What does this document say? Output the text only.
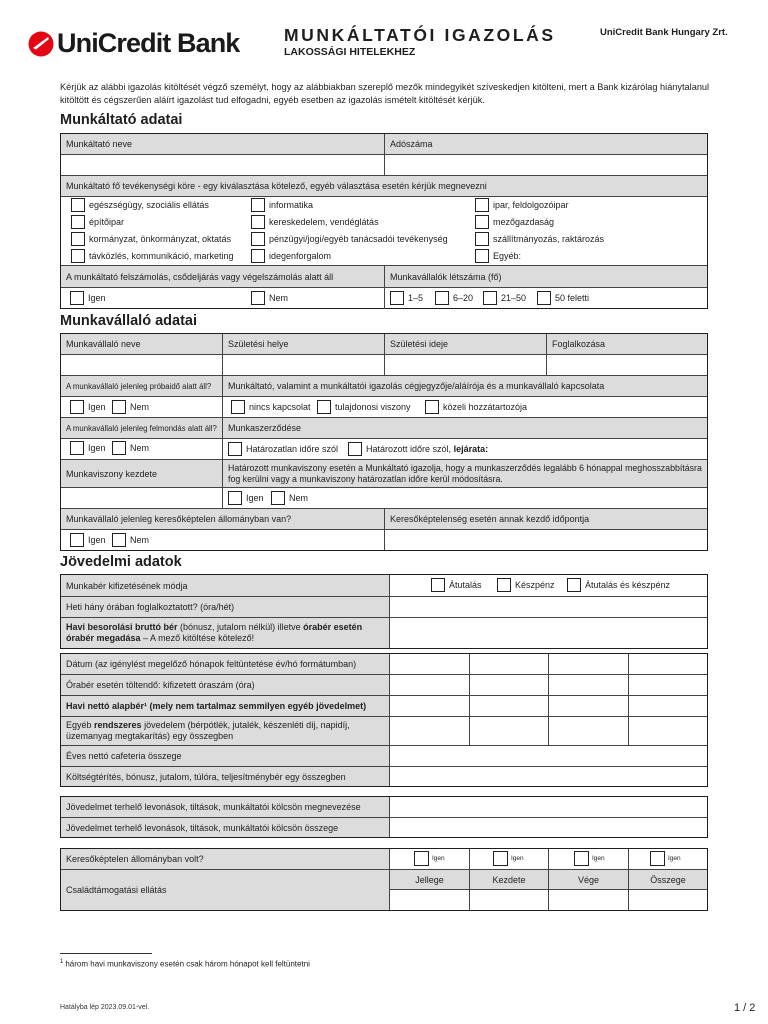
UniCredit Bank	MUNKÁLTATÓI IGAZOLÁS
LAKOSSÁGI HITELEKHEZ
UniCredit Bank Hungary Zrt.
Kérjük az alábbi igazolás kitöltését végző személyt, hogy az alábbiakban szereplő mezők mindegyikét szíveskedjen kitölteni, mert a Bank kizárólag hiánytalanul kitöltött és cégszerűen aláírt igazolást tud elfogadni, egyéb esetben az igazolás ismételt kitöltését kérjük.
Munkáltató adatai
Munkáltató neve	Adószáma
Munkáltató fő tevékenységi köre - egy kiválasztása kötelező, egyéb választása esetén kérjük megnevezni
egészségügy, szociális ellátás	informatika	ipar, feldolgozóipar
építőipar	kereskedelem, vendéglátás	mezőgazdaság
kormányzat, önkormányzat, oktatás	pénzügyi/jogi/egyéb tanácsadói tevékenység	szállítmányozás, raktározás
távközlés, kommunikáció, marketing	idegenforgalom	Egyéb:
A munkáltató felszámolás, csődeljárás vagy végelszámolás alatt áll	Munkavállalók létszáma (fő)
Igen	Nem	1–5	6–20	21–50	50 feletti
Munkavállaló adatai
Munkavállaló neve	Születési helye	Születési ideje	Foglalkozása
A munkavállaló jelenleg próbaidő alatt áll?	Munkáltató, valamint a munkáltatói igazolás cégjegyzője/aláírója és a munkavállaló kapcsolata
Igen	Nem	nincs kapcsolat	tulajdonosi viszony	közeli hozzátartozója
A munkavállaló jelenleg felmondás alatt áll?	Munkaszerződése
Igen	Nem	Határozatlan időre szól	Határozott időre szól,
lejárata:
Munkaviszony kezdete
Határozott munkaviszony esetén a Munkáltató igazolja, hogy a munkaszerződés legalább 6 hónappal meghosszabbításra fog kerülni vagy a munkaviszony határozatlan időre kerül módosításra.
Igen	Nem
Munkavállaló jelenleg keresőképtelen állományban van?	Keresőképtelenség esetén annak kezdő időpontja
Igen	Nem
Jövedelmi adatok
Munkabér kifizetésének módja	Átutalás	Készpénz	Átutalás és készpénz
Heti hány órában foglalkoztatott? (óra/hét)
Havi besorolási bruttó bér (bónusz, jutalom nélkül) illetve órabér esetén órabér megadása – A mező kitöltése kötelező!
Dátum (az igénylést megelőző hónapok feltüntetése év/hó formátumban)
Órabér esetén töltendő: kifizetett óraszám (óra)
Havi nettó alapbér¹ (mely nem tartalmaz semmilyen egyéb jövedelmet)
Egyéb rendszeres jövedelem (bérpótlék, jutalék, készenléti díj, napidíj, üzemanyag megtakarítás) egy összegben
Éves nettó cafeteria összege
Költségtérítés, bónusz, jutalom, túlóra, teljesítménybér egy összegben
Jövedelmet terhelő levonások, tiltások, munkáltatói kölcsön megnevezése
Jövedelmet terhelő levonások, tiltások, munkáltatói kölcsön összege
Keresőképtelen állományban volt?	Igen	Igen	Igen	Igen
Családtámogatási ellátás
Jellege	Kezdete	Vége	Összege
$^1$ három havi munkaviszony esetén csak három hónapot kell feltüntetni
Hatályba lép 2023.09.01-vel.	1 / 2
